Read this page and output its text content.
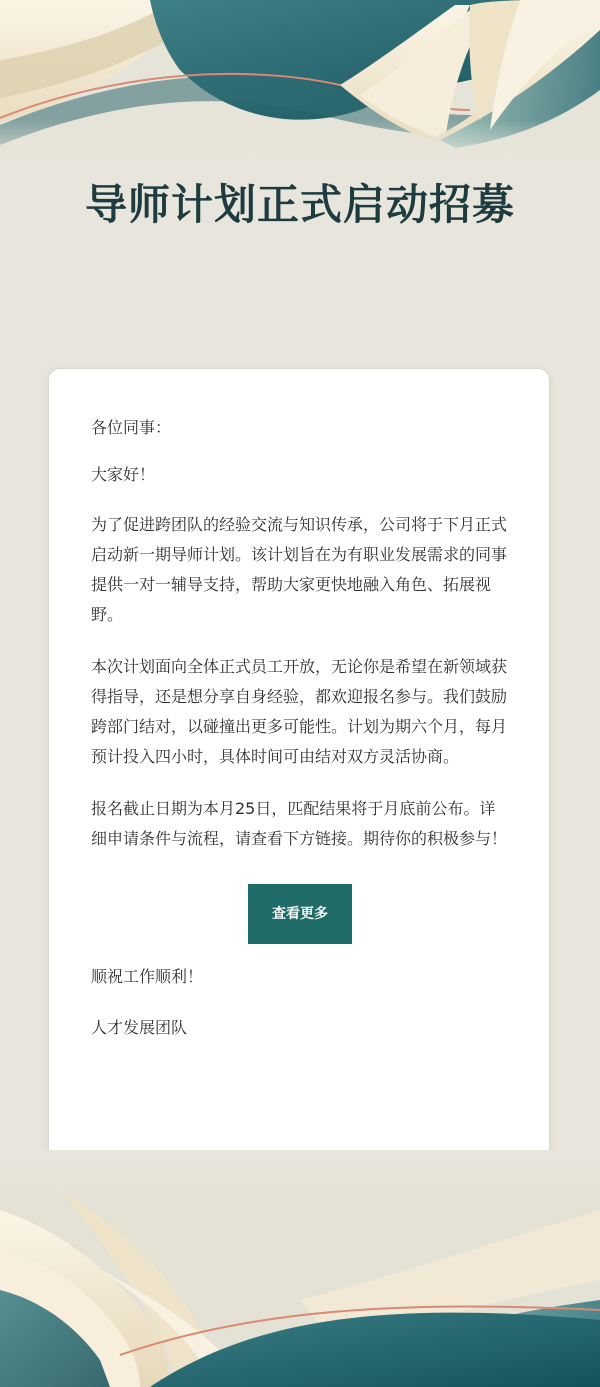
导师计划正式启动招募

各位同事：

大家好！

为了促进跨团队的经验交流与知识传承，公司将于下月正式启动新一期导师计划。该计划旨在为有职业发展需求的同事提供一对一辅导支持，帮助大家更快地融入角色、拓展视野。

本次计划面向全体正式员工开放，无论你是希望在新领域获得指导，还是想分享自身经验，都欢迎报名参与。我们鼓励跨部门结对，以碰撞出更多可能性。计划为期六个月，每月预计投入四小时，具体时间可由结对双方灵活协商。

报名截止日期为本月25日，匹配结果将于月底前公布。详细申请条件与流程，请查看下方链接。期待你的积极参与！

查看更多

顺祝工作顺利！

人才发展团队
